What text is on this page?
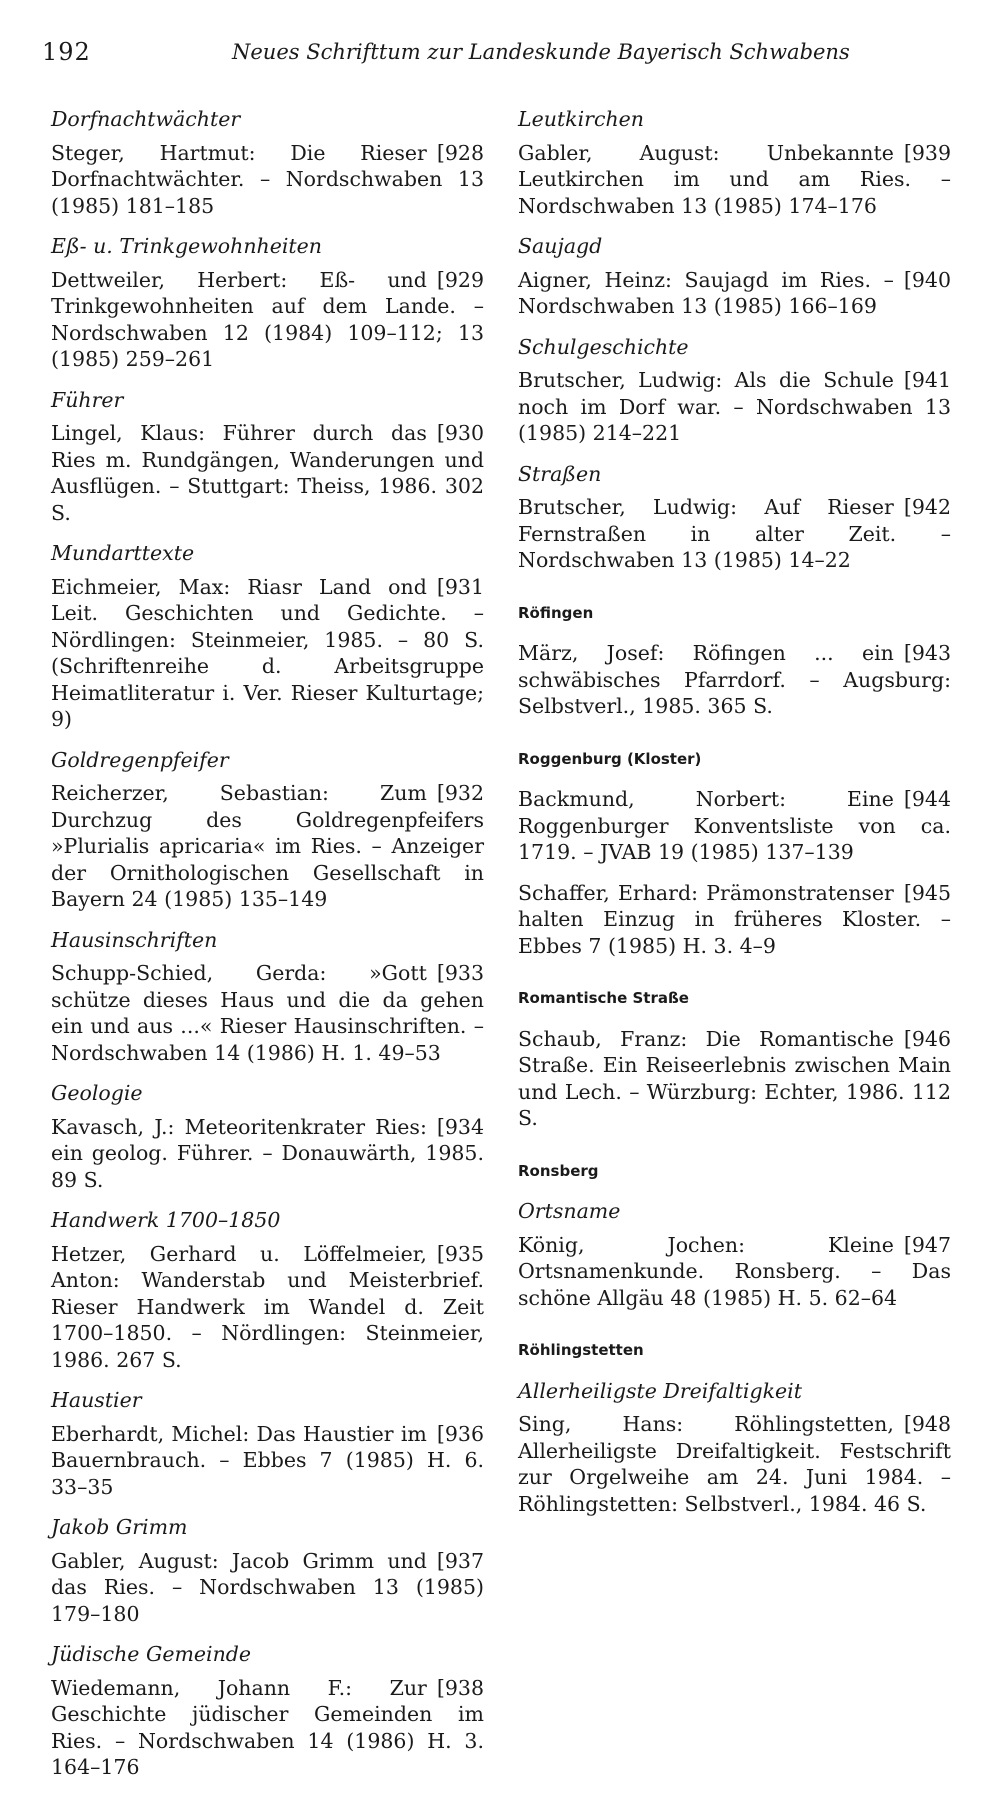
192	Neues Schrifttum zur Landeskunde Bayerisch Schwabens
Dorfnachtwächter
[928
Steger, Hartmut: Die Rieser Dorfnachtwächter. – Nordschwaben 13 (1985) 181–185
Eß- u. Trinkgewohnheiten
[929
Dettweiler, Herbert: Eß- und Trinkgewohnheiten auf dem Lande. – Nordschwaben 12 (1984) 109–112; 13 (1985) 259–261
Führer
[930
Lingel, Klaus: Führer durch das Ries m. Rundgängen, Wanderungen und Ausflügen. – Stuttgart: Theiss, 1986. 302 S.
Mundarttexte
[931
Eichmeier, Max: Riasr Land ond Leit. Geschichten und Gedichte. – Nördlingen: Steinmeier, 1985. – 80 S. (Schriftenreihe d. Arbeitsgruppe Heimatliteratur i. Ver. Rieser Kulturtage; 9)
Goldregenpfeifer
[932
Reicherzer, Sebastian: Zum Durchzug des Goldregenpfeifers »Plurialis apricaria« im Ries. – Anzeiger der Ornithologischen Gesellschaft in Bayern 24 (1985) 135–149
Hausinschriften
[933
Schupp-Schied, Gerda: »Gott schütze dieses Haus und die da gehen ein und aus ...« Rieser Hausinschriften. – Nordschwaben 14 (1986) H. 1. 49–53
Geologie
[934
Kavasch, J.: Meteoritenkrater Ries: ein geolog. Führer. – Donauwärth, 1985. 89 S.
Handwerk 1700–1850
[935
Hetzer, Gerhard u. Löffelmeier, Anton: Wanderstab und Meisterbrief. Rieser Handwerk im Wandel d. Zeit 1700–1850. – Nördlingen: Steinmeier, 1986. 267 S.
Haustier
[936
Eberhardt, Michel: Das Haustier im Bauernbrauch. – Ebbes 7 (1985) H. 6. 33–35
Jakob Grimm
[937
Gabler, August: Jacob Grimm und das Ries. – Nordschwaben 13 (1985) 179–180
Jüdische Gemeinde
[938
Wiedemann, Johann F.: Zur Geschichte jüdischer Gemeinden im Ries. – Nordschwaben 14 (1986) H. 3. 164–176
Leutkirchen
[939
Gabler, August: Unbekannte Leutkirchen im und am Ries. – Nordschwaben 13 (1985) 174–176
Saujagd
[940
Aigner, Heinz: Saujagd im Ries. – Nordschwaben 13 (1985) 166–169
Schulgeschichte
[941
Brutscher, Ludwig: Als die Schule noch im Dorf war. – Nordschwaben 13 (1985) 214–221
Straßen
[942
Brutscher, Ludwig: Auf Rieser Fernstraßen in alter Zeit. – Nordschwaben 13 (1985) 14–22
Röfingen
[943
März, Josef: Röfingen ... ein schwäbisches Pfarrdorf. – Augsburg: Selbstverl., 1985. 365 S.
Roggenburg (Kloster)
[944
Backmund, Norbert: Eine Roggenburger Konventsliste von ca. 1719. – JVAB 19 (1985) 137–139
[945
Schaffer, Erhard: Prämonstratenser halten Einzug in früheres Kloster. – Ebbes 7 (1985) H. 3. 4–9
Romantische Straße
[946
Schaub, Franz: Die Romantische Straße. Ein Reiseerlebnis zwischen Main und Lech. – Würzburg: Echter, 1986. 112 S.
Ronsberg
Ortsname
[947
König, Jochen: Kleine Ortsnamenkunde. Ronsberg. – Das schöne Allgäu 48 (1985) H. 5. 62–64
Röhlingstetten
Allerheiligste Dreifaltigkeit
[948
Sing, Hans: Röhlingstetten, Allerheiligste Dreifaltigkeit. Festschrift zur Orgelweihe am 24. Juni 1984. – Röhlingstetten: Selbstverl., 1984. 46 S.
